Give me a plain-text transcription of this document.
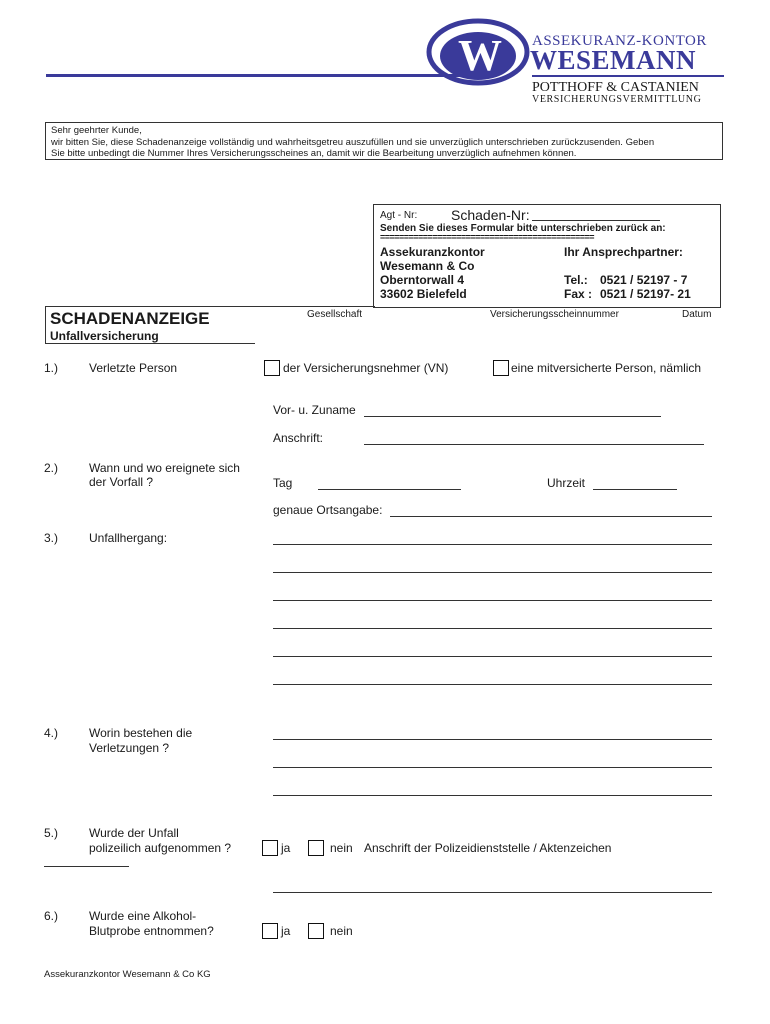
W ASSEKURANZ-KONTOR
WESEMANN
POTTHOFF & CASTANIEN
VERSICHERUNGSVERMITTLUNG
Sehr geehrter Kunde,
wir bitten Sie, diese Schadenanzeige vollständig und wahrheitsgetreu auszufüllen und sie unverzüglich unterschrieben zurückzusenden. Geben
Sie bitte unbedingt die Nummer Ihres Versicherungsscheines an, damit wir die Bearbeitung unverzüglich aufnehmen können.
Agt - Nr: Schaden-Nr:
Senden Sie dieses Formular bitte unterschrieben zurück an:
=============================================
Assekuranzkontor
Wesemann & Co
Oberntorwall 4
33602 Bielefeld
Ihr Ansprechpartner:
Tel.: 0521 / 52197 - 7
Fax : 0521 / 52197- 21
SCHADENANZEIGE
Unfallversicherung
Gesellschaft	Versicherungsscheinnummer	Datum
1.)	Verletzte Person	der Versicherungsnehmer (VN)	eine mitversicherte Person, nämlich
Vor- u. Zuname
Anschrift:
2.)	Wann und wo ereignete sich
der Vorfall ?	Tag	Uhrzeit
genaue Ortsangabe:
3.)	Unfallhergang:
4.)	Worin bestehen die
Verletzungen ?
5.)	Wurde der Unfall
polizeilich aufgenommen ?	ja	nein Anschrift der Polizeidienststelle / Aktenzeichen
6.)	Wurde eine Alkohol-
Blutprobe entnommen?	ja	nein
Assekuranzkontor Wesemann & Co KG
